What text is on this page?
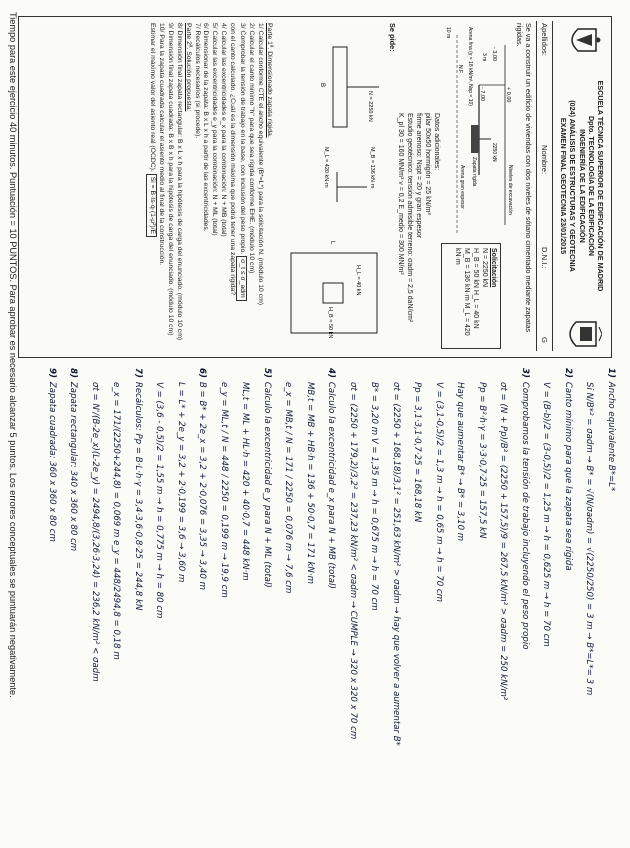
ESCUELA TÉCNICA SUPERIOR DE EDIFICACIÓN DE MADRID
Dpto. TECNOLOGÍA DE LA EDIFICACIÓN
INGENIERÍA DE LA EDIFICACIÓN
(024) ANÁLISIS DE ESTRUCTURAS Y GEOTECNIA
EXAMEN FINAL GEOTECNIA 23/01/2015
Apellidos:
Nombre:
D.N.I.:
G
Se va a construir un edificio de viviendas con dos niveles de sótano cimentado mediante zapatas rígidas.
+ 0,00
- 7,00
- 3,00
Arena fina (γ = 18 kN/m³, Nsp = 10)
Arena gran espesor
10 m
N.F.
Niveles de excavación
Zapata rígida
2250 kN
3 m
Solicitación
N = 2250 kN
H_B = 50 kN H_L = 40 kN
M_B = 136 kN·m M_L = 420 kN·m
Datos adicionales:
pilar 50x50 hormigón = 25 kN/m³
firme arenoso: Nspt = 20 y gran espesor
Estudio geotécnico: tensión admisible terreno: σadm = 2,5 daN/cm²
K_pl 30 = 160 MN/m³ ν = 0,2 E_medio = 300 MN/m²
Se pide:
N = 2250 kN
B
M_B = 136 kN·m
M_L = 420 kN·m
H_L = 40 kN
H_B = 50 kN
L
Parte 1ª. Dimensionado zapata rígida.
1/ Calcular conforme CTE el ancho equivalente (B*=L*) para la solicitación N. (módulo 10 cm)
2/ Calcular el canto mínimo "h" para que sea rígida conforme EHE. (módulo 10 cm)
3/ Comprobar la tensión de trabajo en la base, con inclusión del peso propio. σ_t ≤ σ_adm
con el canto calculado. ¿Cuál es la dimensión máxima que podrá tener una zapata rígida?
4/ Calcular las excentricidades e_x para la combinación: N + MB (total)
5/ Calcular las excentricidades e_y para la combinación: N + ML (total)
6/ Dimensionar de la zapata: B x L x h a partir de las excentricidades.
7/ Recálculos necesarios (si procede).
Parte 2ª. Solución propuesta:
8/ Dimensión final zapata rectangular: B x L x h para la hipótesis de carga del enunciado. (módulo 10 cm)
9/ Dimensión final zapata cuadrada: B x B x h para la hipótesis de carga del enunciado. (módulo 10 cm)
10/ Para la zapata cuadrada calcular el asiento medio al final de la construcción.
Estimar el máximo valor del asiento real (OCDC). Si = B·Is·q·(1-μ²)/E
1)Ancho equivalente B*=L*
Si N/B*² = σadm → B* = √(N/σadm) = √(2250/250) = 3 m → B*=L*= 3 m
2)Canto mínimo para que la zapata sea rígida
V = (B-b)/2 = (3-0,5)/2 = 1,25 m → h = 0,625 m → h = 70 cm
3)Comprobamos la tensión de trabajo incluyendo el peso propio
σt = (N + Pp)/B² = (2250 + 157,5)/9 = 267,5 kN/m² > σadm = 250 kN/m²
Pp = B²·h·γ = 3·3·0,7·25 = 157,5 kN
Hay que aumentar B* → B* = 3,10 m
V = (3,1-0,5)/2 = 1,3 m → h = 0,65 m → h = 70 cm
Pp = 3,1·3,1·0,7·25 = 168,18 kN
σt = (2250 + 168,18)/3,1² = 251,63 kN/m² > σadm → hay que volver a aumentar B*
B* = 3,20 m V = 1,35 m → h = 0,675 m → h = 70 cm
σt = (2250 + 179,2)/3,2² = 237,23 kN/m² < σadm → CUMPLE → 320 x 320 x 70 cm
4)Calculo la excentricidad e_x para N + MB (total)
MB,t = MB + HB·h = 136 + 50·0,7 = 171 kN·m
e_x = MB,t / N = 171 / 2250 = 0,076 m → 7,6 cm
5)Calculo la excentricidad e_y para N + ML (total)
ML,t = ML + HL·h = 420 + 40·0,7 = 448 kN·m
e_y = ML,t / N = 448 / 2250 = 0,199 m → 19,9 cm
6)B = B* + 2e_x = 3,2 + 2·0,076 = 3,35 → 3,40 m
L = L* + 2e_y = 3,2 + 2·0,199 = 3,6 → 3,60 m
V = (3,6 - 0,5)/2 = 1,55 m → h = 0,775 m → h = 80 cm
7)Recálculos: Pp = B·L·h·γ = 3,4·3,6·0,8·25 = 244,8 kN
e_x = 171/(2250+244,8) = 0,069 m e_y = 448/2494,8 = 0,18 m
σt = N'/(B-2e_x)(L-2e_y) = 2494,8/(3,26·3,24) = 236,2 kN/m² < σadm
8)Zapata rectangular: 340 x 360 x 80 cm
9)Zapata cuadrada: 360 x 360 x 80 cm
Tiempo para este ejercicio 40 minutos. Puntuación = 10 PUNTOS. Para aprobar es necesario alcanzar 5 puntos. Los errores conceptuales se puntuarán negativamente.
